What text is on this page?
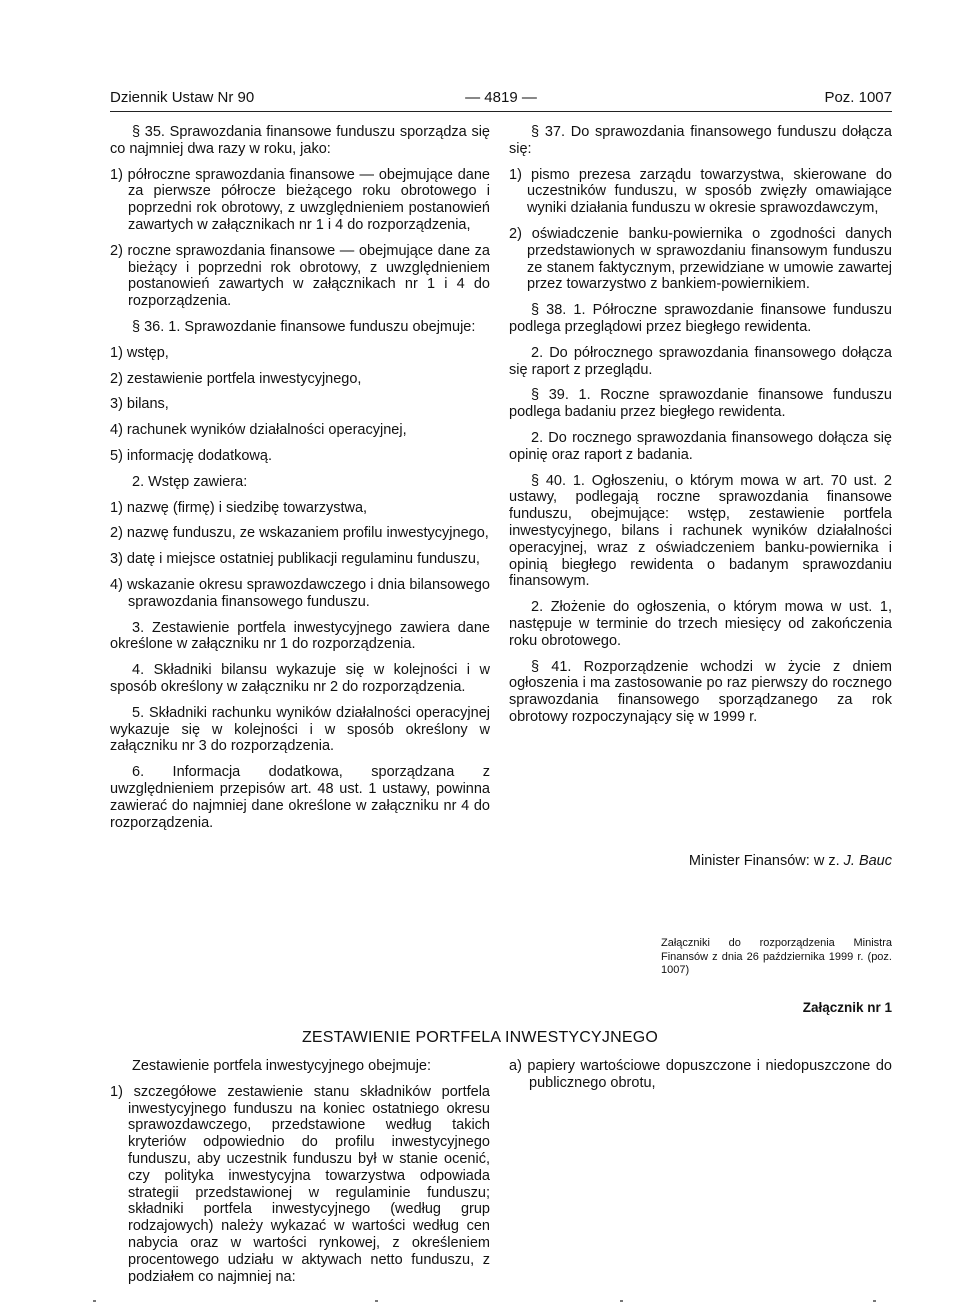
Dziennik Ustaw Nr 90	— 4819 —	Poz. 1007

§ 35. Sprawozdania finansowe funduszu sporządza się co najmniej dwa razy w roku, jako:

1) półroczne sprawozdania finansowe — obejmujące dane za pierwsze półrocze bieżącego roku obrotowego i poprzedni rok obrotowy, z uwzględnieniem postanowień zawartych w załącznikach nr 1 i 4 do rozporządzenia,

2) roczne sprawozdania finansowe — obejmujące dane za bieżący i poprzedni rok obrotowy, z uwzględnieniem postanowień zawartych w załącznikach nr 1 i 4 do rozporządzenia.

§ 36. 1. Sprawozdanie finansowe funduszu obejmuje:

1) wstęp,

2) zestawienie portfela inwestycyjnego,

3) bilans,

4) rachunek wyników działalności operacyjnej,

5) informację dodatkową.

2. Wstęp zawiera:

1) nazwę (firmę) i siedzibę towarzystwa,

2) nazwę funduszu, ze wskazaniem profilu inwestycyjnego,

3) datę i miejsce ostatniej publikacji regulaminu funduszu,

4) wskazanie okresu sprawozdawczego i dnia bilansowego sprawozdania finansowego funduszu.

3. Zestawienie portfela inwestycyjnego zawiera dane określone w załączniku nr 1 do rozporządzenia.

4. Składniki bilansu wykazuje się w kolejności i w sposób określony w załączniku nr 2 do rozporządzenia.

5. Składniki rachunku wyników działalności operacyjnej wykazuje się w kolejności i w sposób określony w załączniku nr 3 do rozporządzenia.

6. Informacja dodatkowa, sporządzana z uwzględnieniem przepisów art. 48 ust. 1 ustawy, powinna zawierać do najmniej dane określone w załączniku nr 4 do rozporządzenia.

§ 37. Do sprawozdania finansowego funduszu dołącza się:

1) pismo prezesa zarządu towarzystwa, skierowane do uczestników funduszu, w sposób zwięzły omawiające wyniki działania funduszu w okresie sprawozdawczym,

2) oświadczenie banku-powiernika o zgodności danych przedstawionych w sprawozdaniu finansowym funduszu ze stanem faktycznym, przewidziane w umowie zawartej przez towarzystwo z bankiem-powiernikiem.

§ 38. 1. Półroczne sprawozdanie finansowe funduszu podlega przeglądowi przez biegłego rewidenta.

2. Do półrocznego sprawozdania finansowego dołącza się raport z przeglądu.

§ 39. 1. Roczne sprawozdanie finansowe funduszu podlega badaniu przez biegłego rewidenta.

2. Do rocznego sprawozdania finansowego dołącza się opinię oraz raport z badania.

§ 40. 1. Ogłoszeniu, o którym mowa w art. 70 ust. 2 ustawy, podlegają roczne sprawozdania finansowe funduszu, obejmujące: wstęp, zestawienie portfela inwestycyjnego, bilans i rachunek wyników działalności operacyjnej, wraz z oświadczeniem banku-powiernika i opinią biegłego rewidenta o badanym sprawozdaniu finansowym.

2. Złożenie do ogłoszenia, o którym mowa w ust. 1, następuje w terminie do trzech miesięcy od zakończenia roku obrotowego.

§ 41. Rozporządzenie wchodzi w życie z dniem ogłoszenia i ma zastosowanie po raz pierwszy do rocznego sprawozdania finansowego sporządzanego za rok obrotowy rozpoczynający się w 1999 r.

Minister Finansów: w z. J. Bauc
Załączniki do rozporządzenia Ministra Finansów z dnia 26 października 1999 r. (poz. 1007)
Załącznik nr 1
ZESTAWIENIE PORTFELA INWESTYCYJNEGO

Zestawienie portfela inwestycyjnego obejmuje:

1) szczegółowe zestawienie stanu składników portfela inwestycyjnego funduszu na koniec ostatniego okresu sprawozdawczego, przedstawione według takich kryteriów odpowiednio do profilu inwestycyjnego funduszu, aby uczestnik funduszu był w stanie ocenić, czy polityka inwestycyjna towarzystwa odpowiada strategii przedstawionej w regulaminie funduszu; składniki portfela inwestycyjnego (według grup rodzajowych) należy wykazać w wartości według cen nabycia oraz w wartości rynkowej, z określeniem procentowego udziału w aktywach netto funduszu, z podziałem co najmniej na:

a) papiery wartościowe dopuszczone i niedopuszczone do publicznego obrotu,
